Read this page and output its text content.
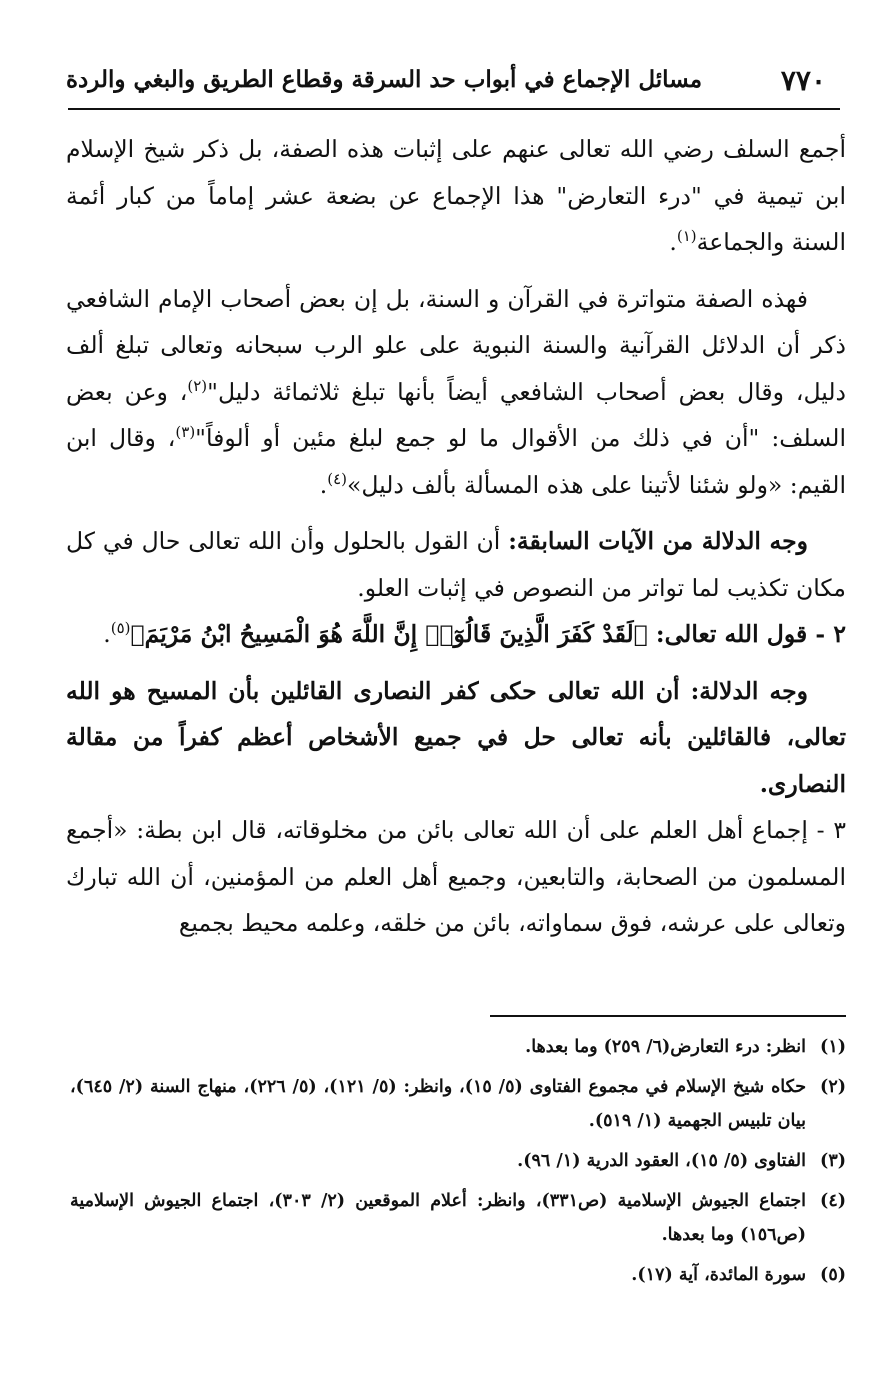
٧٧٠
مسائل الإجماع في أبواب حد السرقة وقطاع الطريق والبغي والردة

أجمع السلف رضي الله تعالى عنهم على إثبات هذه الصفة، بل ذكر شيخ الإسلام ابن تيمية في "درء التعارض" هذا الإجماع عن بضعة عشر إماماً من كبار أئمة السنة والجماعة$^{(١)}$.

فهذه الصفة متواترة في القرآن و السنة، بل إن بعض أصحاب الإمام الشافعي ذكر أن الدلائل القرآنية والسنة النبوية على علو الرب سبحانه وتعالى تبلغ ألف دليل، وقال بعض أصحاب الشافعي أيضاً بأنها تبلغ ثلاثمائة دليل"$^{(٢)}$، وعن بعض السلف: "أن في ذلك من الأقوال ما لو جمع لبلغ مئين أو ألوفاً"$^{(٣)}$، وقال ابن القيم: «ولو شئنا لأتينا على هذه المسألة بألف دليل»$^{(٤)}$.

وجه الدلالة من الآيات السابقة: أن القول بالحلول وأن الله تعالى حال في كل مكان تكذيب لما تواتر من النصوص في إثبات العلو.

٢ - قول الله تعالى: ﴿لَقَدْ كَفَرَ الَّذِينَ قَالُوٓا۟ إِنَّ اللَّهَ هُوَ الْمَسِيحُ ابْنُ مَرْيَمَ﴾$^{(٥)}$.

وجه الدلالة: أن الله تعالى حكى كفر النصارى القائلين بأن المسيح هو الله تعالى، فالقائلين بأنه تعالى حل في جميع الأشخاص أعظم كفراً من مقالة النصارى.

٣ - إجماع أهل العلم على أن الله تعالى بائن من مخلوقاته، قال ابن بطة: «أجمع المسلمون من الصحابة، والتابعين، وجميع أهل العلم من المؤمنين، أن الله تبارك وتعالى على عرشه، فوق سماواته، بائن من خلقه، وعلمه محيط بجميع

(١)
انظر: درء التعارض(٦/ ٢٥٩) وما بعدها.

(٢)
حكاه شيخ الإسلام في مجموع الفتاوى (٥/ ١٥)، وانظر: (٥/ ١٢١)، (٥/ ٢٢٦)، منهاج السنة (٢/ ٦٤٥)، بيان تلبيس الجهمية (١/ ٥١٩).

(٣)
الفتاوى (٥/ ١٥)، العقود الدرية (١/ ٩٦).

(٤)
اجتماع الجيوش الإسلامية (ص٣٣١)، وانظر: أعلام الموقعين (٢/ ٣٠٣)، اجتماع الجيوش الإسلامية (ص١٥٦) وما بعدها.

(٥)
سورة المائدة، آية (١٧).
